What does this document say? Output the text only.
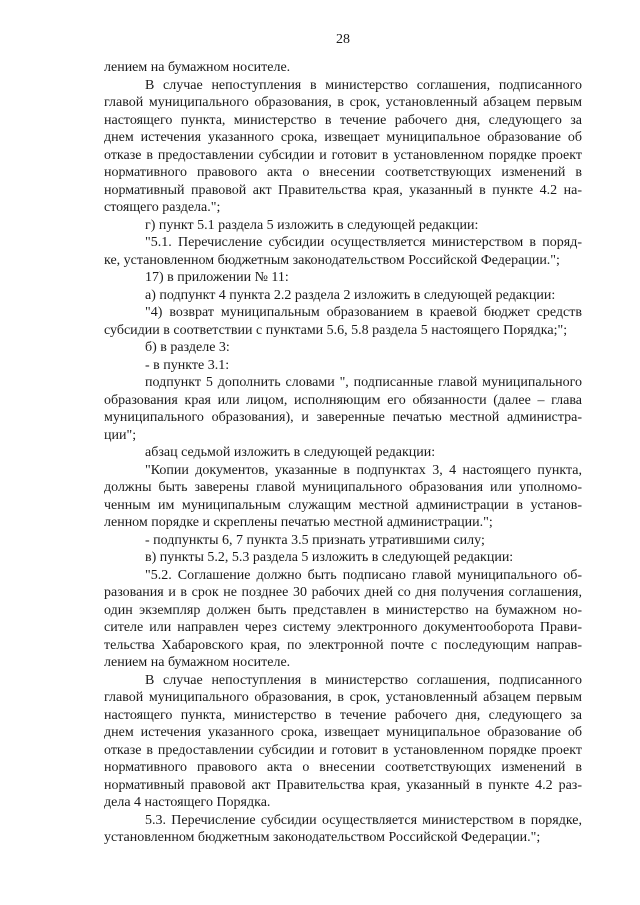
28
лением на бумажном носителе.
В случае непоступления в министерство соглашения, подписанного
главой муниципального образования, в срок, установленный абзацем первым
настоящего пункта, министерство в течение рабочего дня, следующего за
днем истечения указанного срока, извещает муниципальное образование об
отказе в предоставлении субсидии и готовит в установленном порядке проект
нормативного правового акта о внесении соответствующих изменений в
нормативный правовой акт Правительства края, указанный в пункте 4.2 на-
стоящего раздела.";
г) пункт 5.1 раздела 5 изложить в следующей редакции:
"5.1. Перечисление субсидии осуществляется министерством в поряд-
ке, установленном бюджетным законодательством Российской Федерации.";
17) в приложении № 11:
а) подпункт 4 пункта 2.2 раздела 2 изложить в следующей редакции:
"4) возврат муниципальным образованием в краевой бюджет средств
субсидии в соответствии с пунктами 5.6, 5.8 раздела 5 настоящего Порядка;";
б) в разделе 3:
- в пункте 3.1:
подпункт 5 дополнить словами ", подписанные главой муниципального
образования края или лицом, исполняющим его обязанности (далее – глава
муниципального образования), и заверенные печатью местной администра-
ции";
абзац седьмой изложить в следующей редакции:
"Копии документов, указанные в подпунктах 3, 4 настоящего пункта,
должны быть заверены главой муниципального образования или уполномо-
ченным им муниципальным служащим местной администрации в установ-
ленном порядке и скреплены печатью местной администрации.";
- подпункты 6, 7 пункта 3.5 признать утратившими силу;
в) пункты 5.2, 5.3 раздела 5 изложить в следующей редакции:
"5.2. Соглашение должно быть подписано главой муниципального об-
разования и в срок не позднее 30 рабочих дней со дня получения соглашения,
один экземпляр должен быть представлен в министерство на бумажном но-
сителе или направлен через систему электронного документооборота Прави-
тельства Хабаровского края, по электронной почте с последующим направ-
лением на бумажном носителе.
В случае непоступления в министерство соглашения, подписанного
главой муниципального образования, в срок, установленный абзацем первым
настоящего пункта, министерство в течение рабочего дня, следующего за
днем истечения указанного срока, извещает муниципальное образование об
отказе в предоставлении субсидии и готовит в установленном порядке проект
нормативного правового акта о внесении соответствующих изменений в
нормативный правовой акт Правительства края, указанный в пункте 4.2 раз-
дела 4 настоящего Порядка.
5.3. Перечисление субсидии осуществляется министерством в порядке,
установленном бюджетным законодательством Российской Федерации.";
